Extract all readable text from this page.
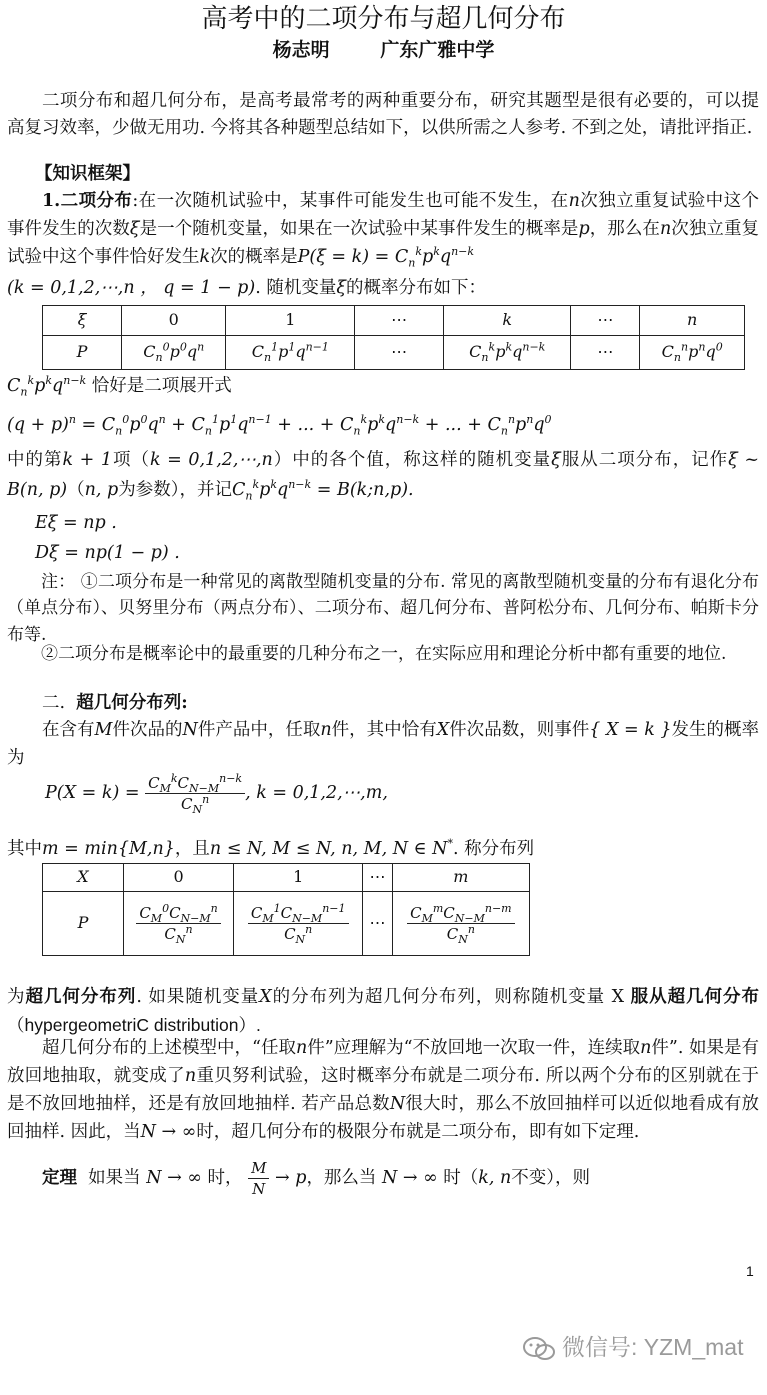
高考中的二项分布与超几何分布
杨志明	广东广雅中学
二项分布和超几何分布，是高考最常考的两种重要分布，研究其题型是很有必要的，可以提高复习效率，少做无用功. 今将其各种题型总结如下，以供所需之人参考. 不到之处，请批评指正.
【知识框架】
1.二项分布:在一次随机试验中，某事件可能发生也可能不发生，在n次独立重复试验中这个事件发生的次数ξ是一个随机变量，如果在一次试验中某事件发生的概率是p，那么在n次独立重复试验中这个事件恰好发生k次的概率是$P(\xi = k) = C_n^kp^kq^{n-k}$
(k = 0,1,2,⋯,n ， q = 1 − p). 随机变量ξ的概率分布如下：
ξ	0	1	⋯	k	⋯	n
P	$C_n^0p^0q^n$	$C_n^1p^1q^{n-1}$	⋯	$C_n^kp^kq^{n-k}$	⋯	$C_n^np^nq^0$
$C_n^kp^kq^{n-k}$ 恰好是二项展开式
$(q + p)^n = C_n^0p^0q^n + C_n^1p^1q^{n-1}$ + ... + $C_n^kp^kq^{n-k}$ + ... + $C_n^np^nq^0$
中的第k + 1项（k = 0,1,2,⋯,n）中的各个值，称这样的随机变量ξ服从二项分布，记作ξ ~ B(n, p)（n, p为参数），并记$C_n^kp^kq^{n-k}$ = B(k;n,p).
Eξ = np .
Dξ = np(1 − p) .
注： ①二项分布是一种常见的离散型随机变量的分布. 常见的离散型随机变量的分布有退化分布（单点分布）、贝努里分布（两点分布）、二项分布、超几何分布、普阿松分布、几何分布、帕斯卡分布等.
②二项分布是概率论中的最重要的几种分布之一，在实际应用和理论分析中都有重要的地位.
二. 超几何分布列:
在含有M件次品的N件产品中，任取n件，其中恰有X件次品数，则事件{ X = k }发生的概率为
$P(X = k) = \frac{C_M^kC_{N-M}^{n-k}}{C_N^n}$ , k = 0,1,2,⋯,m,
其中m = min{M,n}，且n ≤ N, M ≤ N, n, M, N ∈ N*. 称分布列
X	0	1	⋯	m
P	$\frac{C_M^0C_{N-M}^n}{C_N^n}$	$\frac{C_M^1C_{N-M}^{n-1}}{C_N^n}$	⋯	$\frac{C_M^mC_{N-M}^{n-m}}{C_N^n}$
为超几何分布列. 如果随机变量X的分布列为超几何分布列，则称随机变量 X 服从超几何分布（hypergeometriC distribution）.
超几何分布的上述模型中，“任取n件”应理解为“不放回地一次取一件，连续取n件”. 如果是有放回地抽取，就变成了n重贝努利试验，这时概率分布就是二项分布. 所以两个分布的区别就在于是不放回地抽样，还是有放回地抽样. 若产品总数N很大时，那么不放回抽样可以近似地看成有放回抽样. 因此，当N → ∞时，超几何分布的极限分布就是二项分布，即有如下定理.
定理 如果当 N → ∞ 时， $\frac{M}{N} \to p$，那么当 N → ∞ 时（k, n不变），则
1
微信号: YZM_mat
